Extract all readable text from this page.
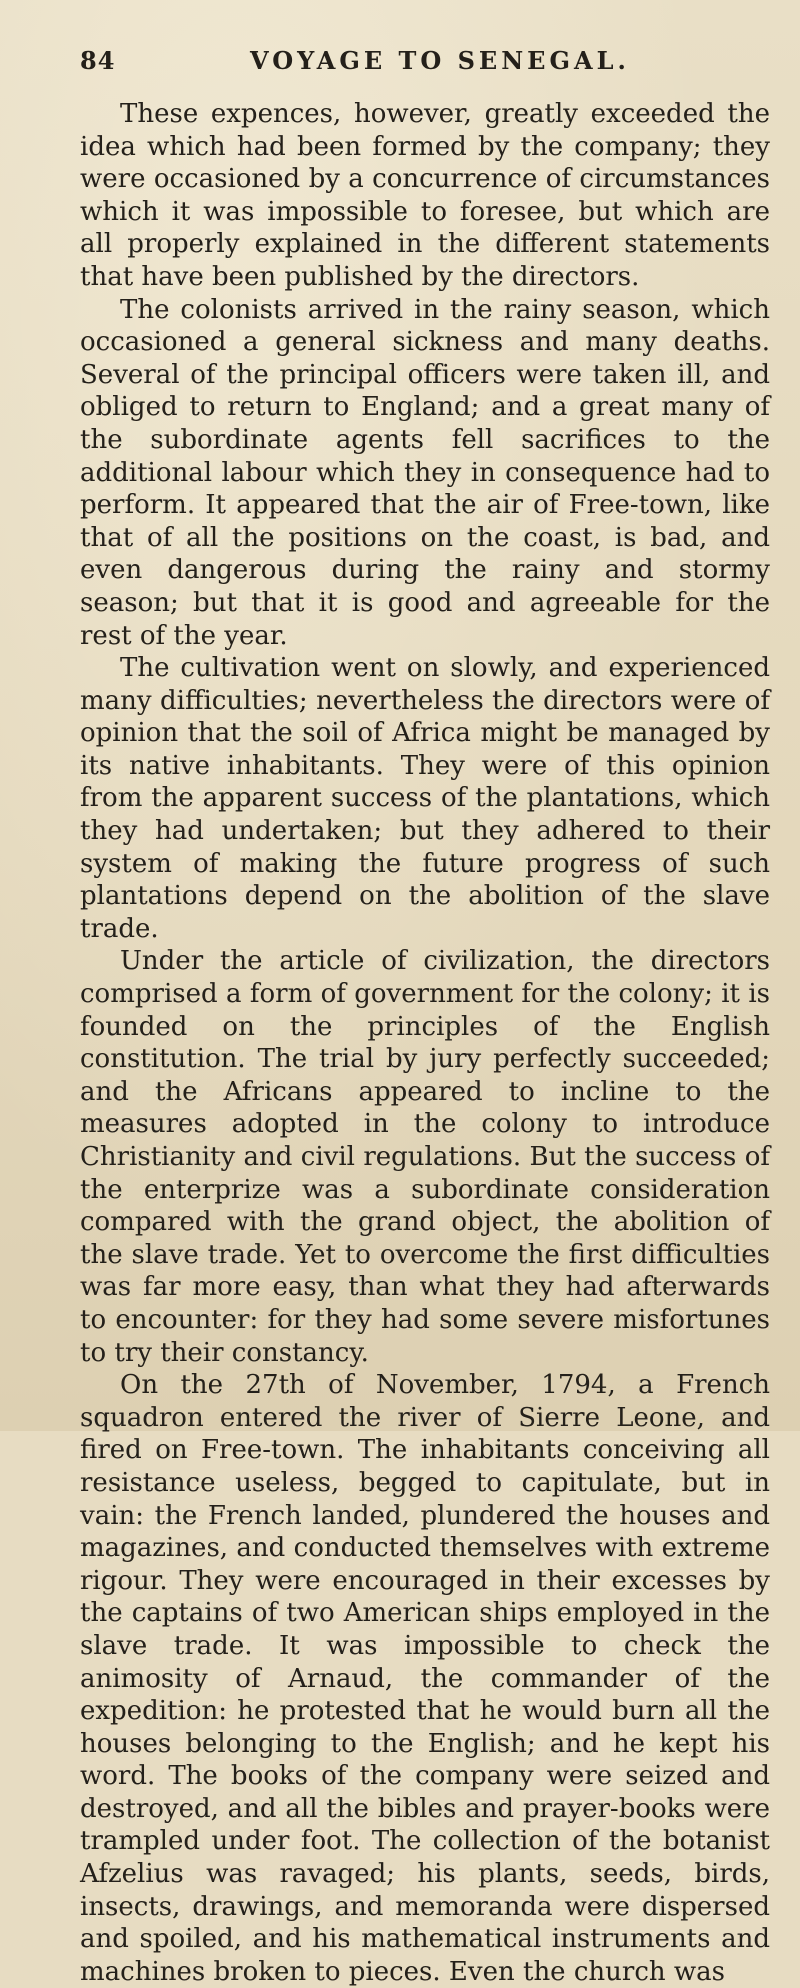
84	VOYAGE TO SENEGAL.

These expences, however, greatly exceeded the idea which had been formed by the company; they were occasioned by a concurrence of circumstances which it was impossible to foresee, but which are all properly explained in the different statements that have been published by the directors.

The colonists arrived in the rainy season, which occasioned a general sickness and many deaths. Several of the principal officers were taken ill, and obliged to return to England; and a great many of the subordinate agents fell sacrifices to the additional labour which they in consequence had to perform. It appeared that the air of Free-town, like that of all the positions on the coast, is bad, and even dangerous during the rainy and stormy season; but that it is good and agreeable for the rest of the year.

The cultivation went on slowly, and experienced many difficulties; nevertheless the directors were of opinion that the soil of Africa might be managed by its native inhabitants. They were of this opinion from the apparent success of the plantations, which they had undertaken; but they adhered to their system of making the future progress of such plantations depend on the abolition of the slave trade.

Under the article of civilization, the directors comprised a form of government for the colony; it is founded on the principles of the English constitution. The trial by jury perfectly succeeded; and the Africans appeared to incline to the measures adopted in the colony to introduce Christianity and civil regulations. But the success of the enterprize was a subordinate consideration compared with the grand object, the abolition of the slave trade. Yet to overcome the first difficulties was far more easy, than what they had afterwards to encounter: for they had some severe misfortunes to try their constancy.

On the 27th of November, 1794, a French squadron entered the river of Sierre Leone, and fired on Free-town. The inhabitants conceiving all resistance useless, begged to capitulate, but in vain: the French landed, plundered the houses and magazines, and conducted themselves with extreme rigour. They were encouraged in their excesses by the captains of two American ships employed in the slave trade. It was impossible to check the animosity of Arnaud, the commander of the expedition: he protested that he would burn all the houses belonging to the English; and he kept his word. The books of the company were seized and destroyed, and all the bibles and prayer-books were trampled under foot. The collection of the botanist Afzelius was ravaged; his plants, seeds, birds, insects, drawings, and memoranda were dispersed and spoiled, and his mathematical instruments and machines broken to pieces. Even the church was
